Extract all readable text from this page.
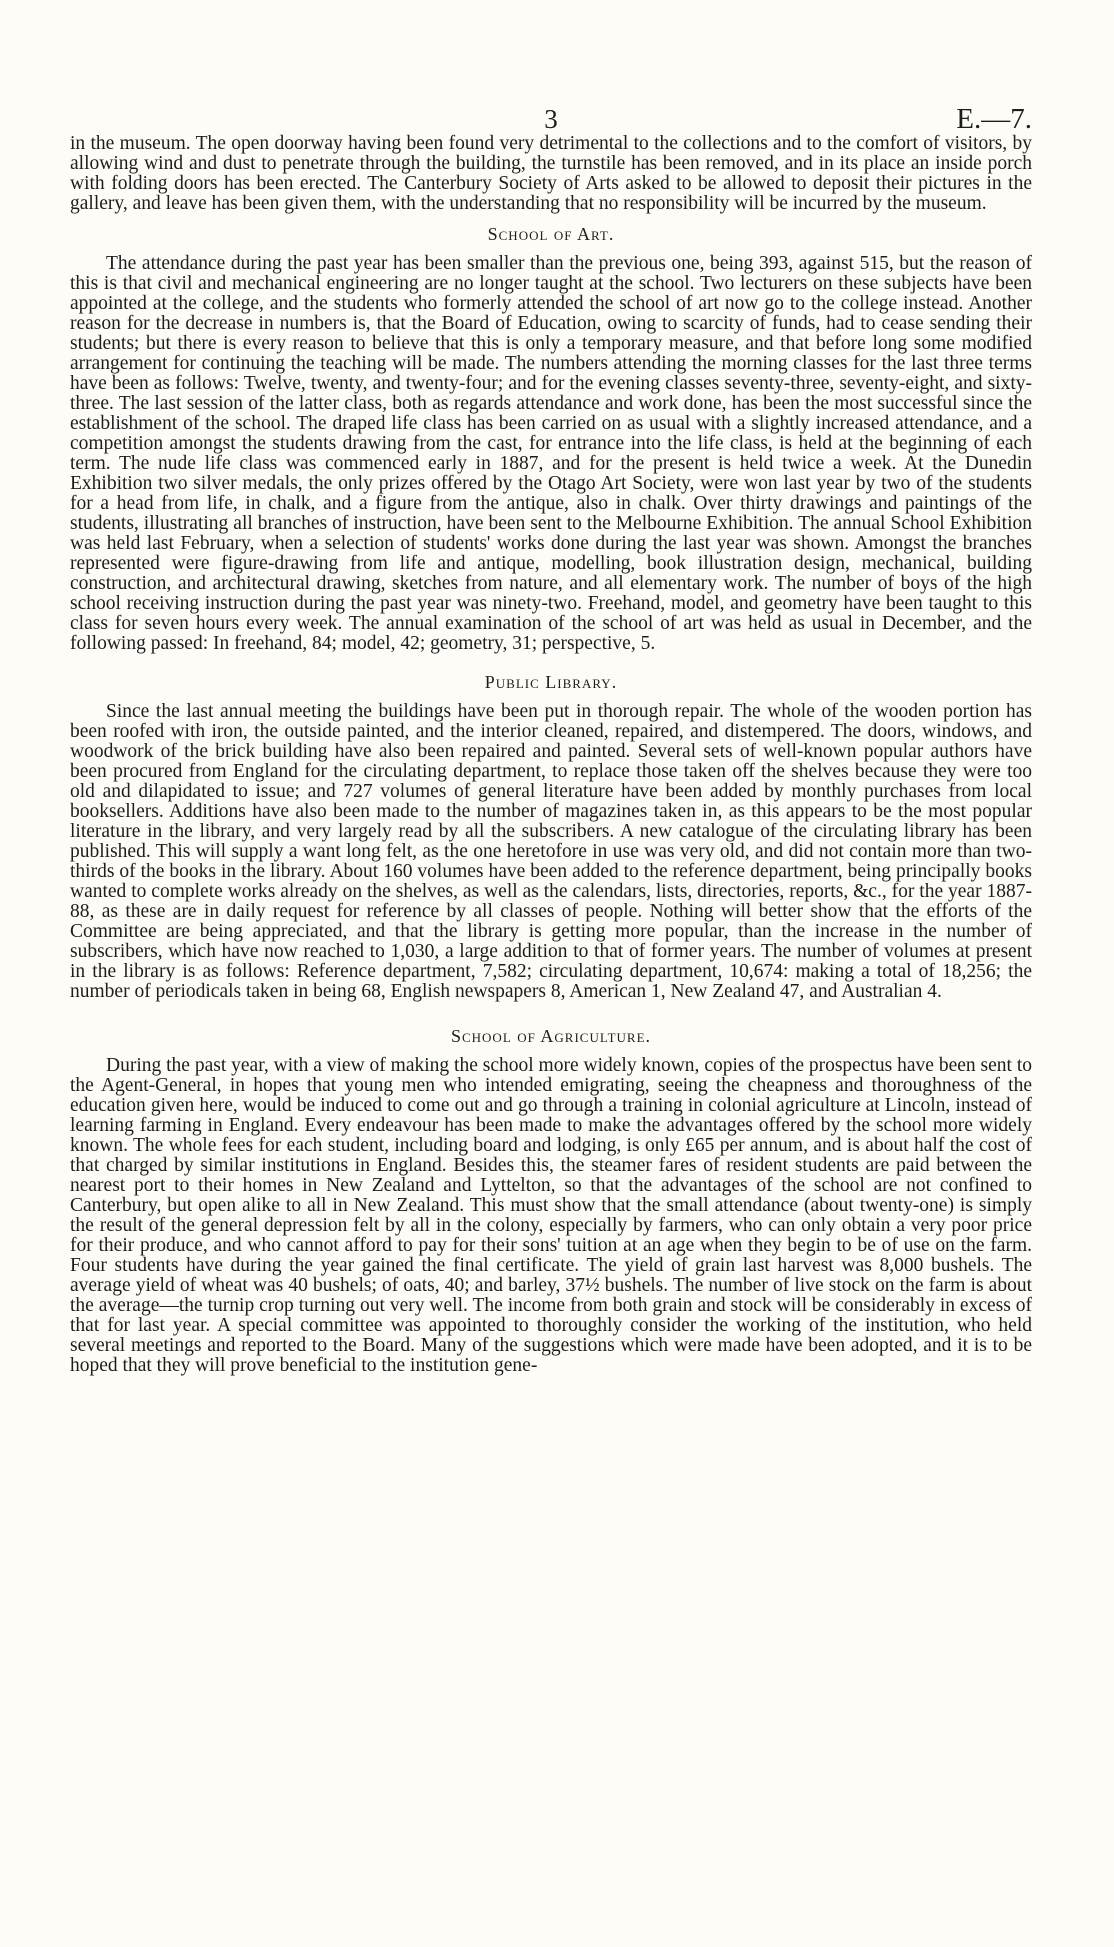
3	E.—7.

in the museum. The open doorway having been found very detrimental to the collections and to the comfort of visitors, by allowing wind and dust to penetrate through the building, the turnstile has been removed, and in its place an inside porch with folding doors has been erected. The Canterbury Society of Arts asked to be allowed to deposit their pictures in the gallery, and leave has been given them, with the understanding that no responsibility will be incurred by the museum.

School of Art.

The attendance during the past year has been smaller than the previous one, being 393, against 515, but the reason of this is that civil and mechanical engineering are no longer taught at the school. Two lecturers on these subjects have been appointed at the college, and the students who formerly attended the school of art now go to the college instead. Another reason for the decrease in numbers is, that the Board of Education, owing to scarcity of funds, had to cease sending their students; but there is every reason to believe that this is only a temporary measure, and that before long some modified arrangement for continuing the teaching will be made. The numbers attending the morning classes for the last three terms have been as follows: Twelve, twenty, and twenty-four; and for the evening classes seventy-three, seventy-eight, and sixty-three. The last session of the latter class, both as regards attendance and work done, has been the most successful since the establishment of the school. The draped life class has been carried on as usual with a slightly increased attendance, and a competition amongst the students drawing from the cast, for entrance into the life class, is held at the beginning of each term. The nude life class was commenced early in 1887, and for the present is held twice a week. At the Dunedin Exhibition two silver medals, the only prizes offered by the Otago Art Society, were won last year by two of the students for a head from life, in chalk, and a figure from the antique, also in chalk. Over thirty drawings and paintings of the students, illustrating all branches of instruction, have been sent to the Melbourne Exhibition. The annual School Exhibition was held last February, when a selection of students' works done during the last year was shown. Amongst the branches represented were figure-drawing from life and antique, modelling, book illustration design, mechanical, building construction, and architectural drawing, sketches from nature, and all elementary work. The number of boys of the high school receiving instruction during the past year was ninety-two. Freehand, model, and geometry have been taught to this class for seven hours every week. The annual examination of the school of art was held as usual in December, and the following passed: In freehand, 84; model, 42; geometry, 31; perspective, 5.

Public Library.

Since the last annual meeting the buildings have been put in thorough repair. The whole of the wooden portion has been roofed with iron, the outside painted, and the interior cleaned, repaired, and distempered. The doors, windows, and woodwork of the brick building have also been repaired and painted. Several sets of well-known popular authors have been procured from England for the circulating department, to replace those taken off the shelves because they were too old and dilapidated to issue; and 727 volumes of general literature have been added by monthly purchases from local booksellers. Additions have also been made to the number of magazines taken in, as this appears to be the most popular literature in the library, and very largely read by all the subscribers. A new catalogue of the circulating library has been published. This will supply a want long felt, as the one heretofore in use was very old, and did not contain more than two-thirds of the books in the library. About 160 volumes have been added to the reference department, being principally books wanted to complete works already on the shelves, as well as the calendars, lists, directories, reports, &c., for the year 1887-88, as these are in daily request for reference by all classes of people. Nothing will better show that the efforts of the Committee are being appreciated, and that the library is getting more popular, than the increase in the number of subscribers, which have now reached to 1,030, a large addition to that of former years. The number of volumes at present in the library is as follows: Reference department, 7,582; circulating department, 10,674: making a total of 18,256; the number of periodicals taken in being 68, English newspapers 8, American 1, New Zealand 47, and Australian 4.

School of Agriculture.

During the past year, with a view of making the school more widely known, copies of the prospectus have been sent to the Agent-General, in hopes that young men who intended emigrating, seeing the cheapness and thoroughness of the education given here, would be induced to come out and go through a training in colonial agriculture at Lincoln, instead of learning farming in England. Every endeavour has been made to make the advantages offered by the school more widely known. The whole fees for each student, including board and lodging, is only £65 per annum, and is about half the cost of that charged by similar institutions in England. Besides this, the steamer fares of resident students are paid between the nearest port to their homes in New Zealand and Lyttelton, so that the advantages of the school are not confined to Canterbury, but open alike to all in New Zealand. This must show that the small attendance (about twenty-one) is simply the result of the general depression felt by all in the colony, especially by farmers, who can only obtain a very poor price for their produce, and who cannot afford to pay for their sons' tuition at an age when they begin to be of use on the farm. Four students have during the year gained the final certificate. The yield of grain last harvest was 8,000 bushels. The average yield of wheat was 40 bushels; of oats, 40; and barley, 37½ bushels. The number of live stock on the farm is about the average—the turnip crop turning out very well. The income from both grain and stock will be considerably in excess of that for last year. A special committee was appointed to thoroughly consider the working of the institution, who held several meetings and reported to the Board. Many of the suggestions which were made have been adopted, and it is to be hoped that they will prove beneficial to the institution gene-
